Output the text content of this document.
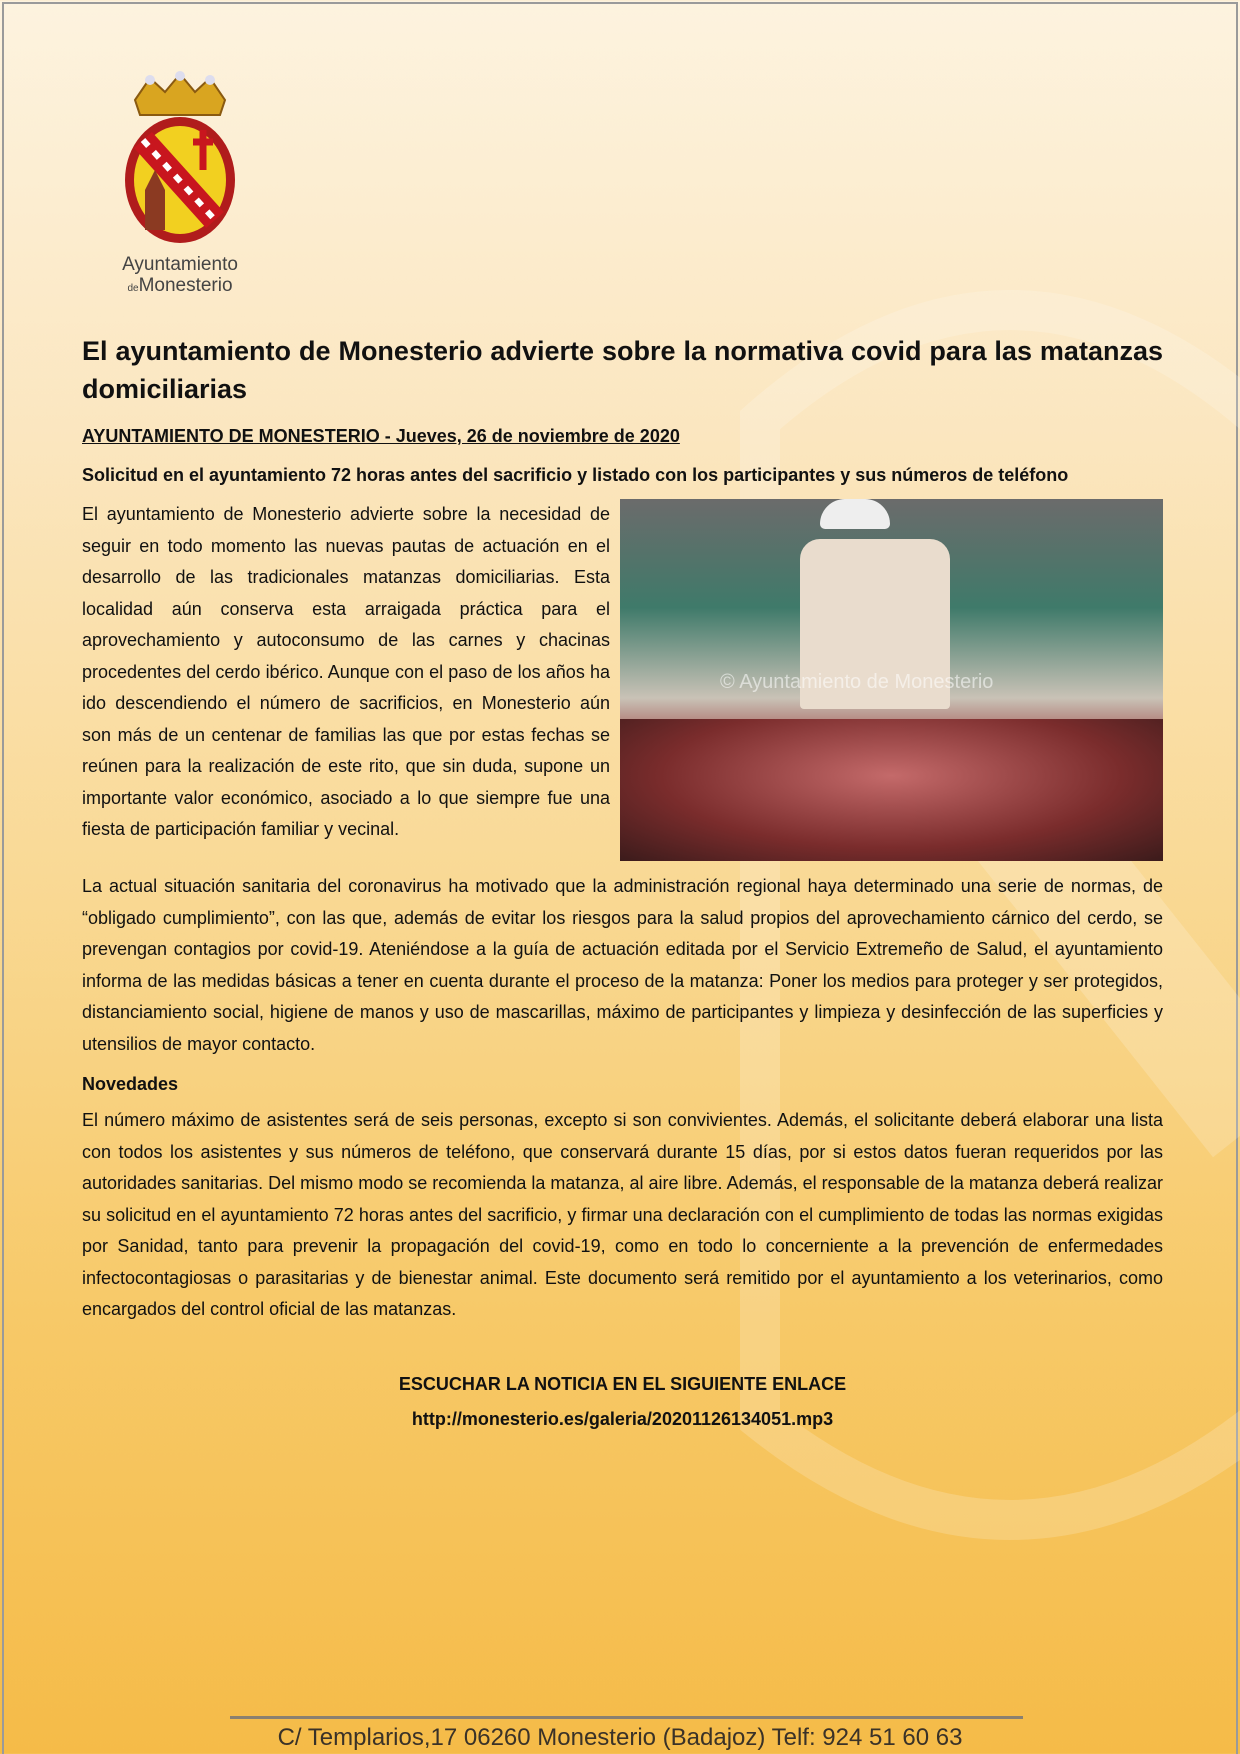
Ayuntamiento
deMonesterio
El ayuntamiento de Monesterio advierte sobre la normativa covid para las matanzas domiciliarias
AYUNTAMIENTO DE MONESTERIO - Jueves, 26 de noviembre de 2020
Solicitud en el ayuntamiento 72 horas antes del sacrificio y listado con los participantes y sus números de teléfono
© Ayuntamiento de Monesterio

El ayuntamiento de Monesterio advierte sobre la necesidad de seguir en todo momento las nuevas pautas de actuación en el desarrollo de las tradicionales matanzas domiciliarias. Esta localidad aún conserva esta arraigada práctica para el aprovechamiento y autoconsumo de las carnes y chacinas procedentes del cerdo ibérico. Aunque con el paso de los años ha ido descendiendo el número de sacrificios, en Monesterio aún son más de un centenar de familias las que por estas fechas se reúnen para la realización de este rito, que sin duda, supone un importante valor económico, asociado a lo que siempre fue una fiesta de participación familiar y vecinal.

La actual situación sanitaria del coronavirus ha motivado que la administración regional haya determinado una serie de normas, de “obligado cumplimiento”, con las que, además de evitar los riesgos para la salud propios del aprovechamiento cárnico del cerdo, se prevengan contagios por covid-19. Ateniéndose a la guía de actuación editada por el Servicio Extremeño de Salud, el ayuntamiento informa de las medidas básicas a tener en cuenta durante el proceso de la matanza: Poner los medios para proteger y ser protegidos, distanciamiento social, higiene de manos y uso de mascarillas, máximo de participantes y limpieza y desinfección de las superficies y utensilios de mayor contacto.

Novedades

El número máximo de asistentes será de seis personas, excepto si son convivientes. Además, el solicitante deberá elaborar una lista con todos los asistentes y sus números de teléfono, que conservará durante 15 días, por si estos datos fueran requeridos por las autoridades sanitarias. Del mismo modo se recomienda la matanza, al aire libre. Además, el responsable de la matanza deberá realizar su solicitud en el ayuntamiento 72 horas antes del sacrificio, y firmar una declaración con el cumplimiento de todas las normas exigidas por Sanidad, tanto para prevenir la propagación del covid-19, como en todo lo concerniente a la prevención de enfermedades infectocontagiosas o parasitarias y de bienestar animal. Este documento será remitido por el ayuntamiento a los veterinarios, como encargados del control oficial de las matanzas.

ESCUCHAR LA NOTICIA EN EL SIGUIENTE ENLACE
http://monesterio.es/galeria/20201126134051.mp3
C/ Templarios,17 06260 Monesterio (Badajoz) Telf: 924 51 60 63
